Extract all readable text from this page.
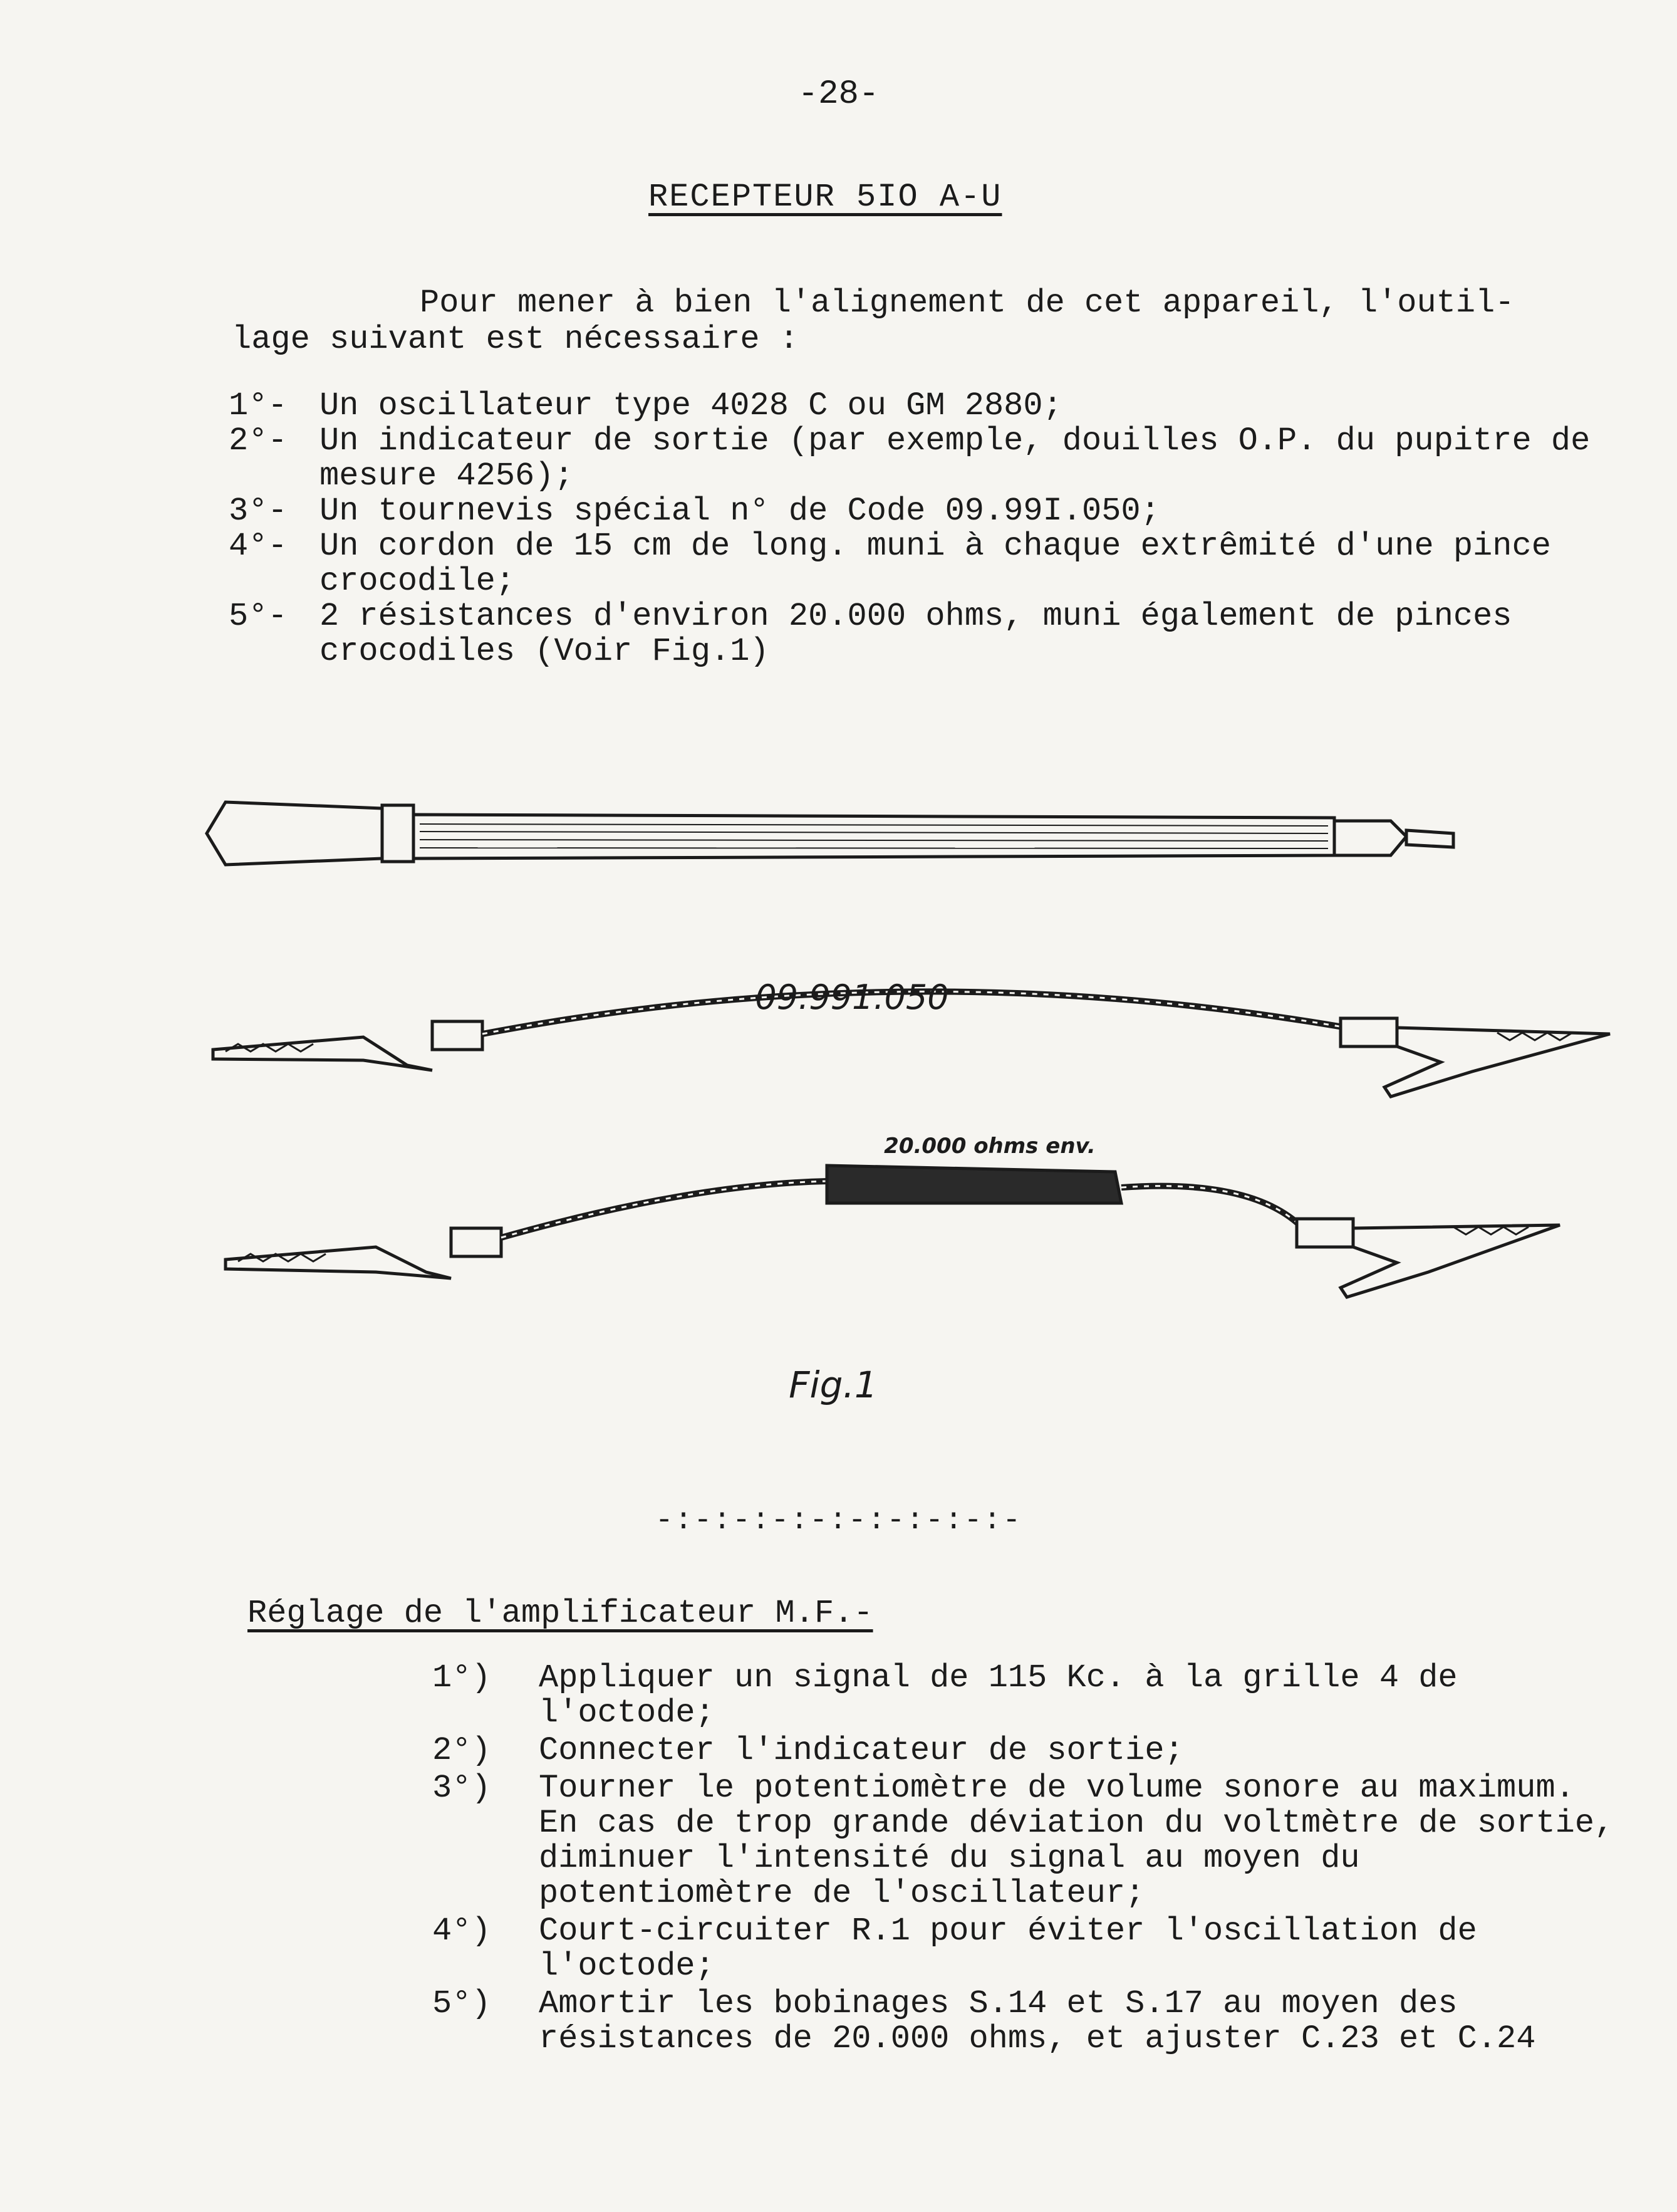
-28-
RECEPTEUR 5IO A-U
Pour mener à bien l'alignement de cet appareil, l'outil-
lage suivant est nécessaire :
1°- Un oscillateur type 4028 C ou GM 2880;
2°- Un indicateur de sortie (par exemple, douilles O.P. du pupitre de mesure 4256);
3°- Un tournevis spécial n° de Code 09.99I.050;
4°- Un cordon de 15 cm de long. muni à chaque extrêmité d'une pince crocodile;
5°- 2 résistances d'environ 20.000 ohms, muni également de pinces crocodiles (Voir Fig.1)
09.991.050
20.000 ohms env.
Fig.1
-:-:-:-:-:-:-:-:-:-
Réglage de l'amplificateur M.F.-
1°)	Appliquer un signal de 115 Kc. à la grille 4 de l'octode;
2°)	Connecter l'indicateur de sortie;
3°)	Tourner le potentiomètre de volume sonore au maximum. En cas de trop grande déviation du voltmètre de sortie, diminuer l'intensité du signal au moyen du potentiomètre de l'oscillateur;
4°)	Court-circuiter R.1 pour éviter l'oscillation de l'octode;
5°)	Amortir les bobinages S.14 et S.17 au moyen des résistances de 20.000 ohms, et ajuster C.23 et C.24
